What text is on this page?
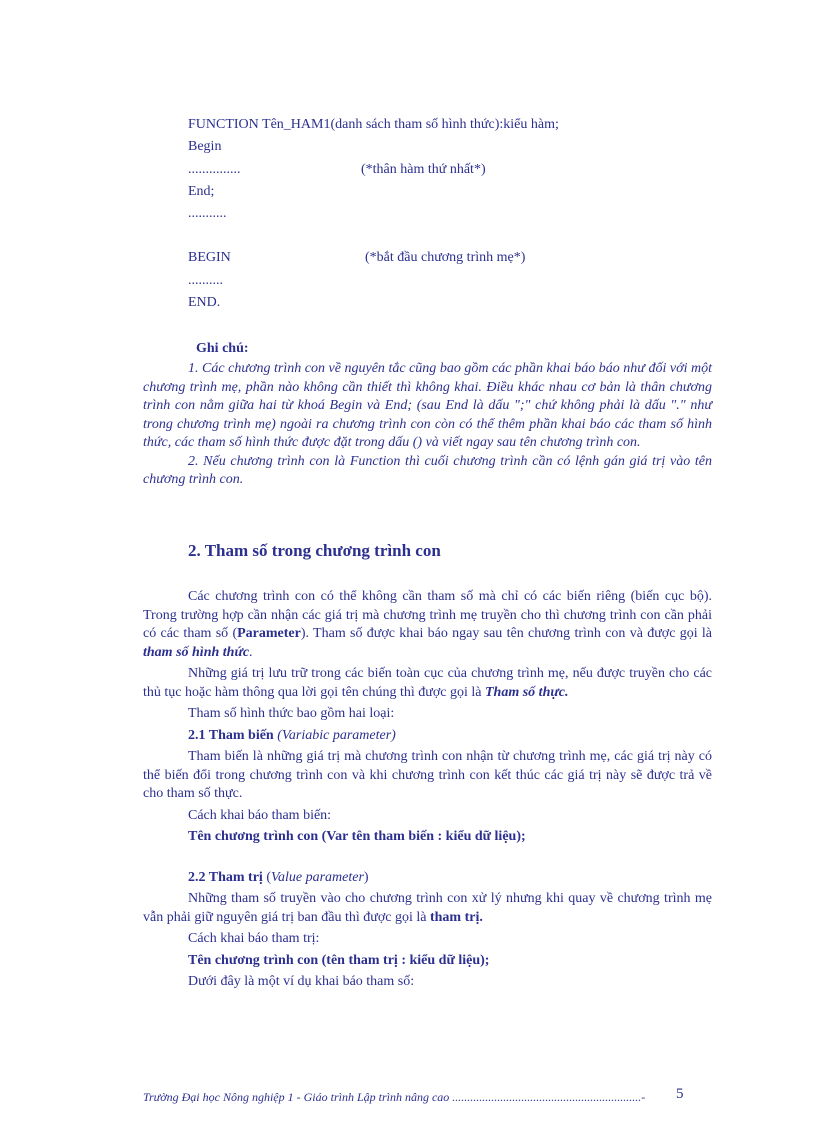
FUNCTION Tên_HAM1(danh sách tham số hình thức):kiểu hàm;
Begin
...............	(*thân hàm thứ nhất*)
End;
...........
BEGIN	(*bắt đầu chương trình mẹ*)
..........
END.
Ghi chú:

1. Các chương trình con về nguyên tắc cũng bao gồm các phần khai báo báo như đối với một chương trình mẹ, phần nào không cần thiết thì không khai. Điều khác nhau cơ bản là thân chương trình con nằm giữa hai từ khoá Begin và End; (sau End là dấu ";" chứ không phải là dấu "." như trong chương trình mẹ) ngoài ra chương trình con còn có thể thêm phần khai báo các tham số hình thức, các tham số hình thức được đặt trong dấu () và viết ngay sau tên chương trình con.

2. Nếu chương trình con là Function thì cuối chương trình cần có lệnh gán giá trị vào tên chương trình con.

2. Tham số trong chương trình con

Các chương trình con có thể không cần tham số mà chỉ có các biến riêng (biến cục bộ). Trong trường hợp cần nhận các giá trị mà chương trình mẹ truyền cho thì chương trình con cần phải có các tham số (Parameter). Tham số được khai báo ngay sau tên chương trình con và được gọi là tham số hình thức.

Những giá trị lưu trữ trong các biến toàn cục của chương trình mẹ, nếu được truyền cho các thủ tục hoặc hàm thông qua lời gọi tên chúng thì được gọi là Tham số thực.

Tham số hình thức bao gồm hai loại:

2.1 Tham biến (Variabic parameter)

Tham biến là những giá trị mà chương trình con nhận từ chương trình mẹ, các giá trị này có thể biến đổi trong chương trình con và khi chương trình con kết thúc các giá trị này sẽ được trả về cho tham số thực.

Cách khai báo tham biến:

Tên chương trình con (Var tên tham biến : kiểu dữ liệu);

2.2 Tham trị (Value parameter)

Những tham số truyền vào cho chương trình con xử lý nhưng khi quay về chương trình mẹ vẫn phải giữ nguyên giá trị ban đầu thì được gọi là tham trị.

Cách khai báo tham trị:

Tên chương trình con (tên tham trị : kiểu dữ liệu);

Dưới đây là một ví dụ khai báo tham số:

Trường Đại học Nông nghiệp 1 - Giáo trình Lập trình nâng cao ...............................................................-	5
